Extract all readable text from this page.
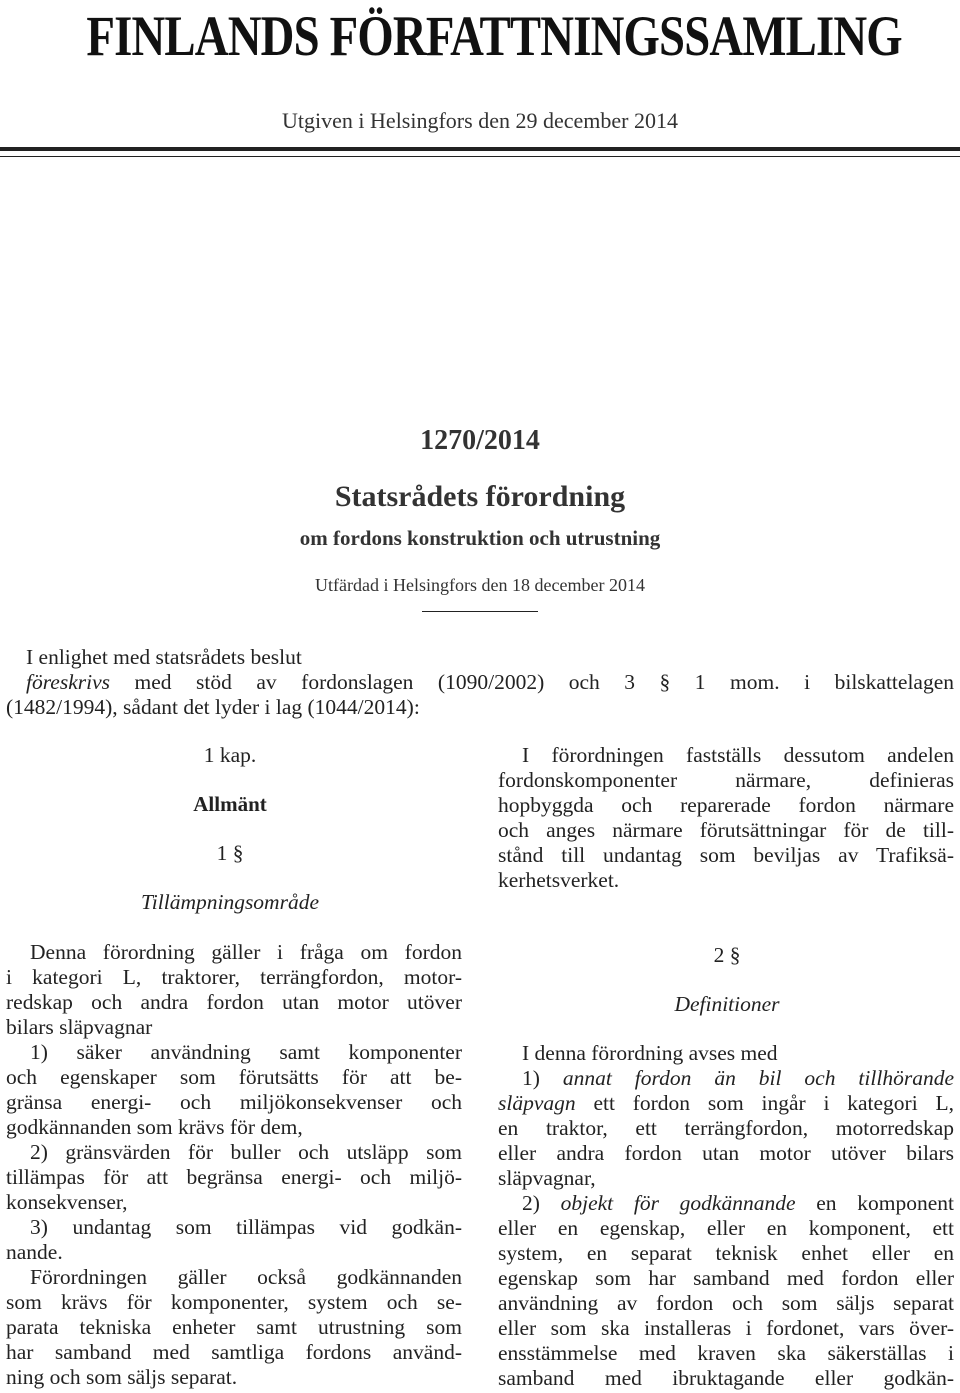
FINLANDS FÖRFATTNINGSSAMLING
Utgiven i Helsingfors den 29 december 2014
1270/2014
Statsrådets förordning
om fordons konstruktion och utrustning
Utfärdad i Helsingfors den 18 december 2014
I enlighet med statsrådets beslut
föreskrivs med stöd av fordonslagen (1090/2002) och 3 § 1 mom. i bilskattelagen
(1482/1994), sådant det lyder i lag (1044/2014):
1 kap.
Allmänt
1 §
Tillämpningsområde
Denna förordning gäller i fråga om fordon
i kategori L, traktorer, terrängfordon, motor-
redskap och andra fordon utan motor utöver
bilars släpvagnar
1) säker användning samt komponenter
och egenskaper som förutsätts för att be-
gränsa energi- och miljökonsekvenser och
godkännanden som krävs för dem,
2) gränsvärden för buller och utsläpp som
tillämpas för att begränsa energi- och miljö-
konsekvenser,
3) undantag som tillämpas vid godkän-
nande.
Förordningen gäller också godkännanden
som krävs för komponenter, system och se-
parata tekniska enheter samt utrustning som
har samband med samtliga fordons använd-
ning och som säljs separat.
I förordningen fastställs dessutom andelen
fordonskomponenter närmare, definieras
hopbyggda och reparerade fordon närmare
och anges närmare förutsättningar för de till-
stånd till undantag som beviljas av Trafiksä-
kerhetsverket.
2 §
Definitioner
I denna förordning avses med
1) annat fordon än bil och tillhörande
släpvagn ett fordon som ingår i kategori L,
en traktor, ett terrängfordon, motorredskap
eller andra fordon utan motor utöver bilars
släpvagnar,
2) objekt för godkännande en komponent
eller en egenskap, eller en komponent, ett
system, en separat teknisk enhet eller en
egenskap som har samband med fordon eller
användning av fordon och som säljs separat
eller som ska installeras i fordonet, vars över-
ensstämmelse med kraven ska säkerställas i
samband med ibruktagande eller godkän-
